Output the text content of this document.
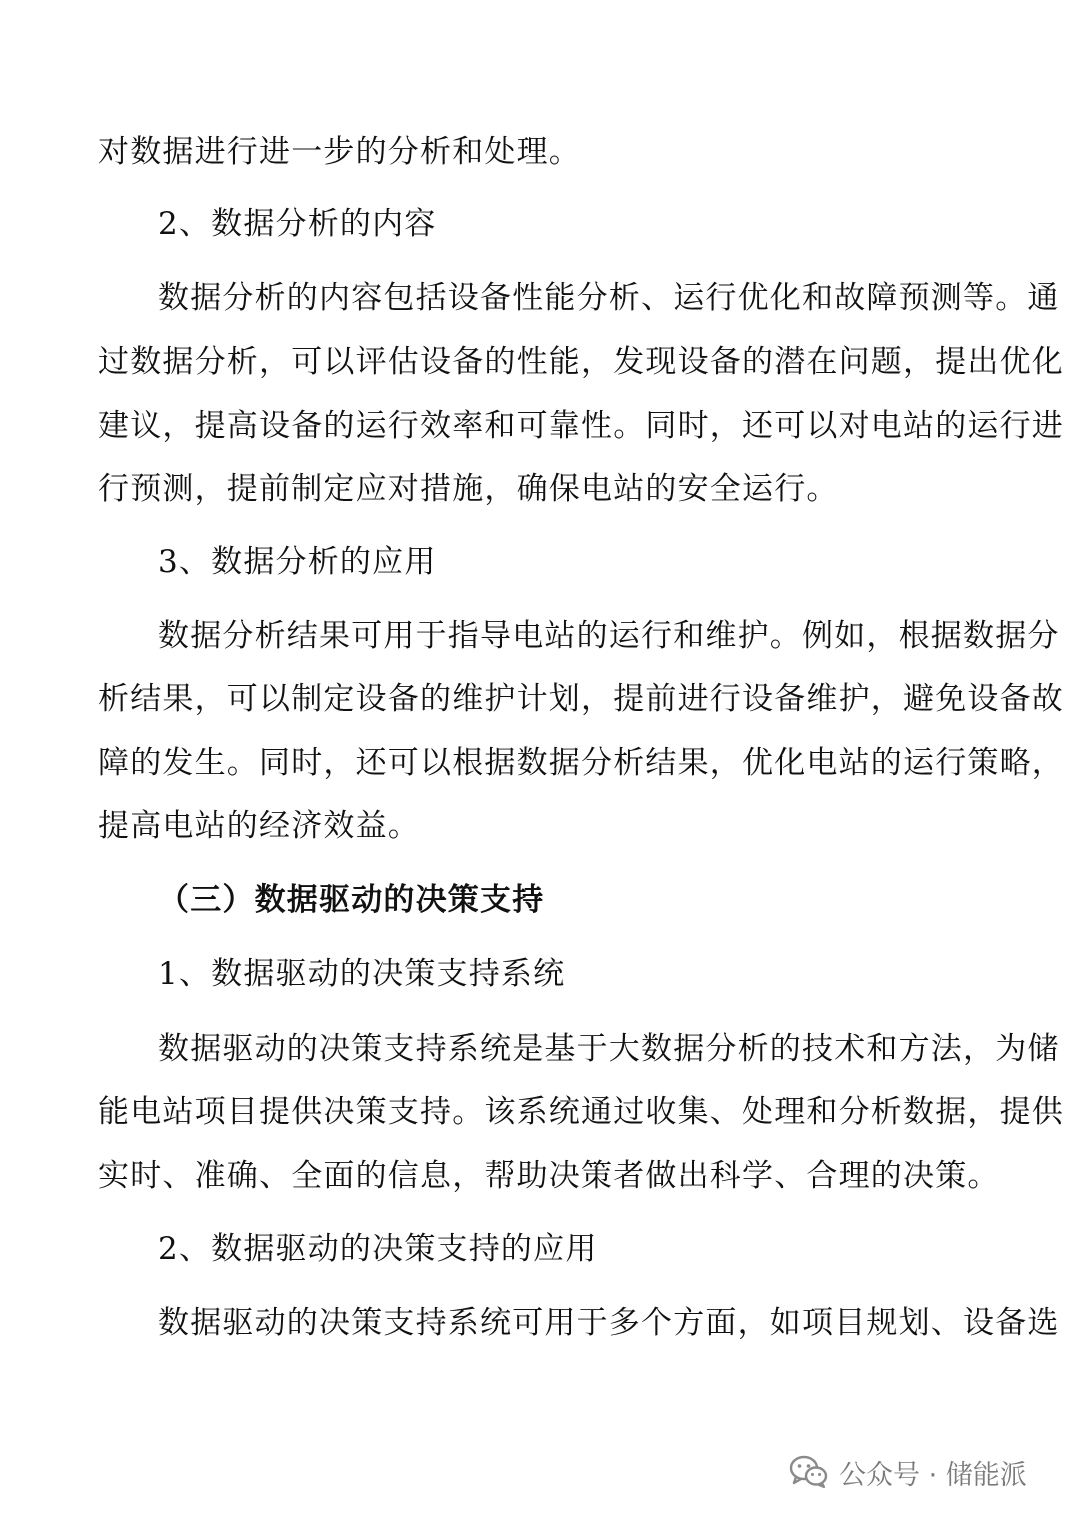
对数据进行进一步的分析和处理。
2、数据分析的内容
数据分析的内容包括设备性能分析、运行优化和故障预测等。通
过数据分析，可以评估设备的性能，发现设备的潜在问题，提出优化
建议，提高设备的运行效率和可靠性。同时，还可以对电站的运行进
行预测，提前制定应对措施，确保电站的安全运行。
3、数据分析的应用
数据分析结果可用于指导电站的运行和维护。例如，根据数据分
析结果，可以制定设备的维护计划，提前进行设备维护，避免设备故
障的发生。同时，还可以根据数据分析结果，优化电站的运行策略，
提高电站的经济效益。
（三）数据驱动的决策支持
1、数据驱动的决策支持系统
数据驱动的决策支持系统是基于大数据分析的技术和方法，为储
能电站项目提供决策支持。该系统通过收集、处理和分析数据，提供
实时、准确、全面的信息，帮助决策者做出科学、合理的决策。
2、数据驱动的决策支持的应用
数据驱动的决策支持系统可用于多个方面，如项目规划、设备选
公众号 · 储能派
